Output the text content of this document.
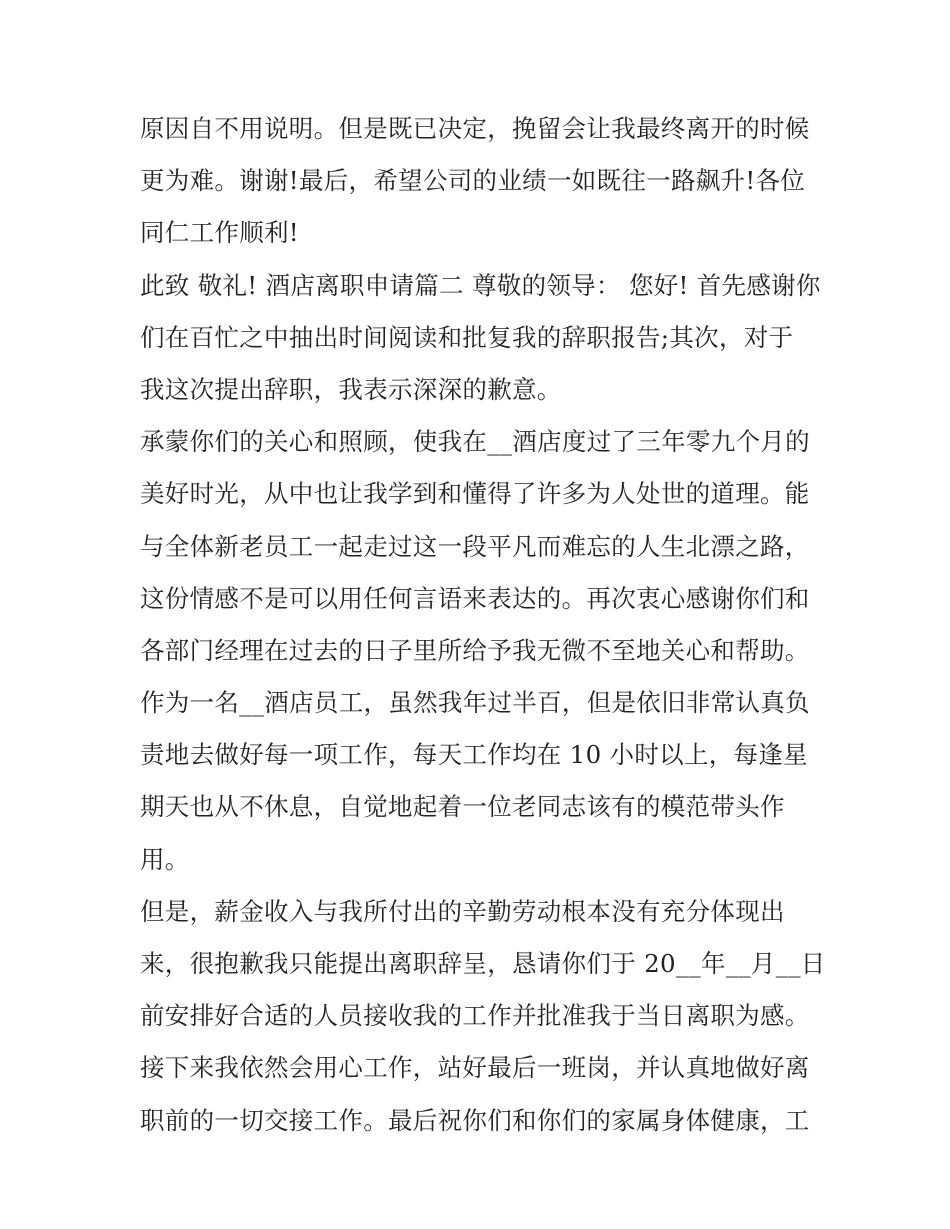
原因自不用说明。但是既已决定，挽留会让我最终离开的时候
更为难。谢谢!最后，希望公司的业绩一如既往一路飙升!各位
同仁工作顺利!
此致 敬礼! 酒店离职申请篇二 尊敬的领导： 您好! 首先感谢你
们在百忙之中抽出时间阅读和批复我的辞职报告;其次，对于
我这次提出辞职，我表示深深的歉意。
承蒙你们的关心和照顾，使我在__酒店度过了三年零九个月的
美好时光，从中也让我学到和懂得了许多为人处世的道理。能
与全体新老员工一起走过这一段平凡而难忘的人生北漂之路，
这份情感不是可以用任何言语来表达的。再次衷心感谢你们和
各部门经理在过去的日子里所给予我无微不至地关心和帮助。
作为一名__酒店员工，虽然我年过半百，但是依旧非常认真负
责地去做好每一项工作，每天工作均在 10 小时以上，每逢星
期天也从不休息，自觉地起着一位老同志该有的模范带头作
用。
但是，薪金收入与我所付出的辛勤劳动根本没有充分体现出
来，很抱歉我只能提出离职辞呈，恳请你们于 20__年__月__日
前安排好合适的人员接收我的工作并批准我于当日离职为感。
接下来我依然会用心工作，站好最后一班岗，并认真地做好离
职前的一切交接工作。最后祝你们和你们的家属身体健康，工
